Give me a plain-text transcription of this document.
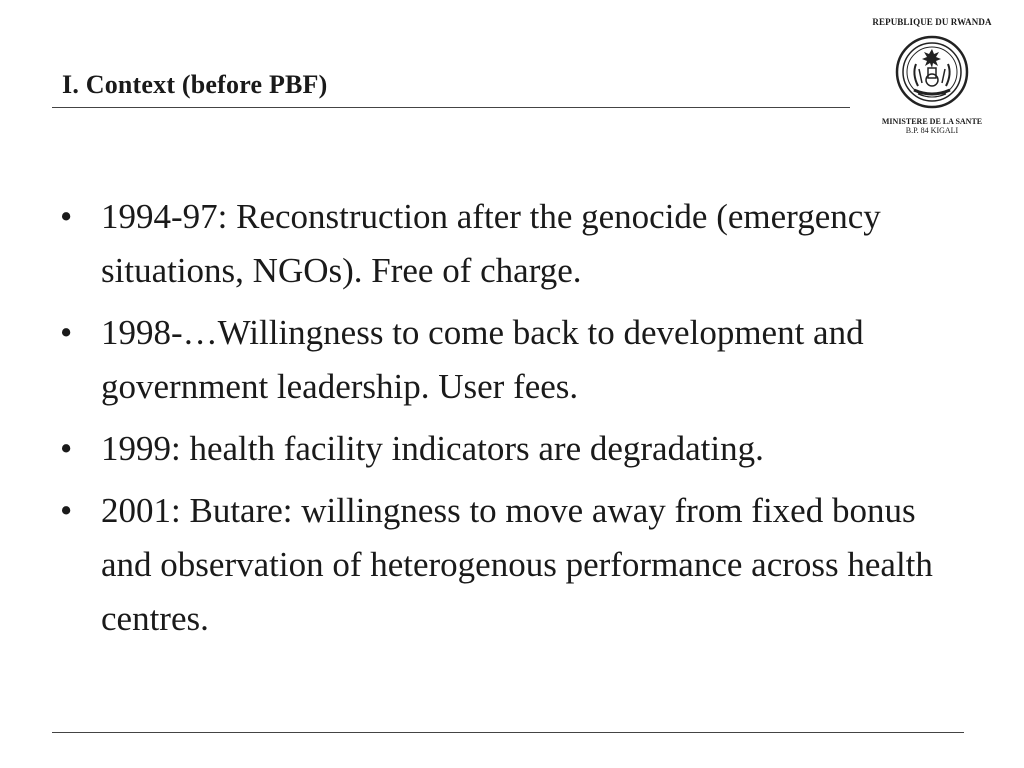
I. Context (before PBF)
REPUBLIQUE DU RWANDA
MINISTERE DE LA SANTE
B.P. 84 KIGALI
• 1994-97: Reconstruction after the genocide (emergency situations, NGOs). Free of charge.
• 1998-…Willingness to come back to development and government leadership. User fees.
• 1999: health facility indicators are degradating.
• 2001: Butare: willingness to move away from fixed bonus and observation of heterogenous performance across health centres.
